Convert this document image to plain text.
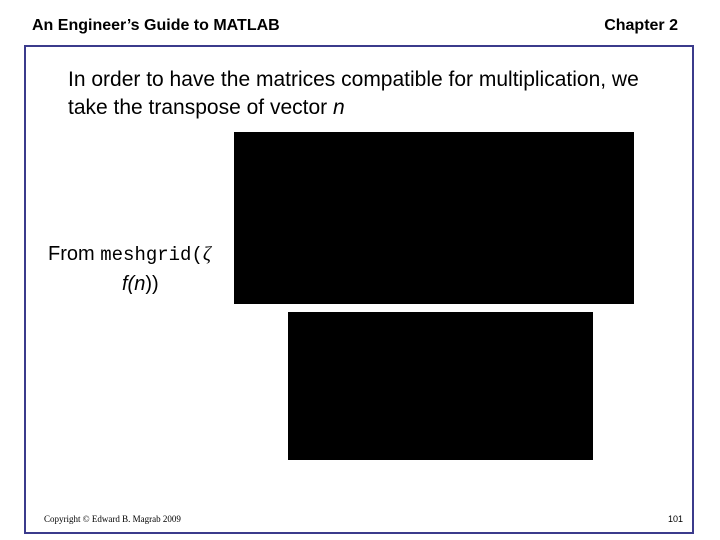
An Engineer’s Guide to MATLAB	Chapter 2
In order to have the matrices compatible for multiplication, we take the transpose of vector n
From meshgrid(ζ
f(n))
Copyright © Edward B. Magrab 2009	101
